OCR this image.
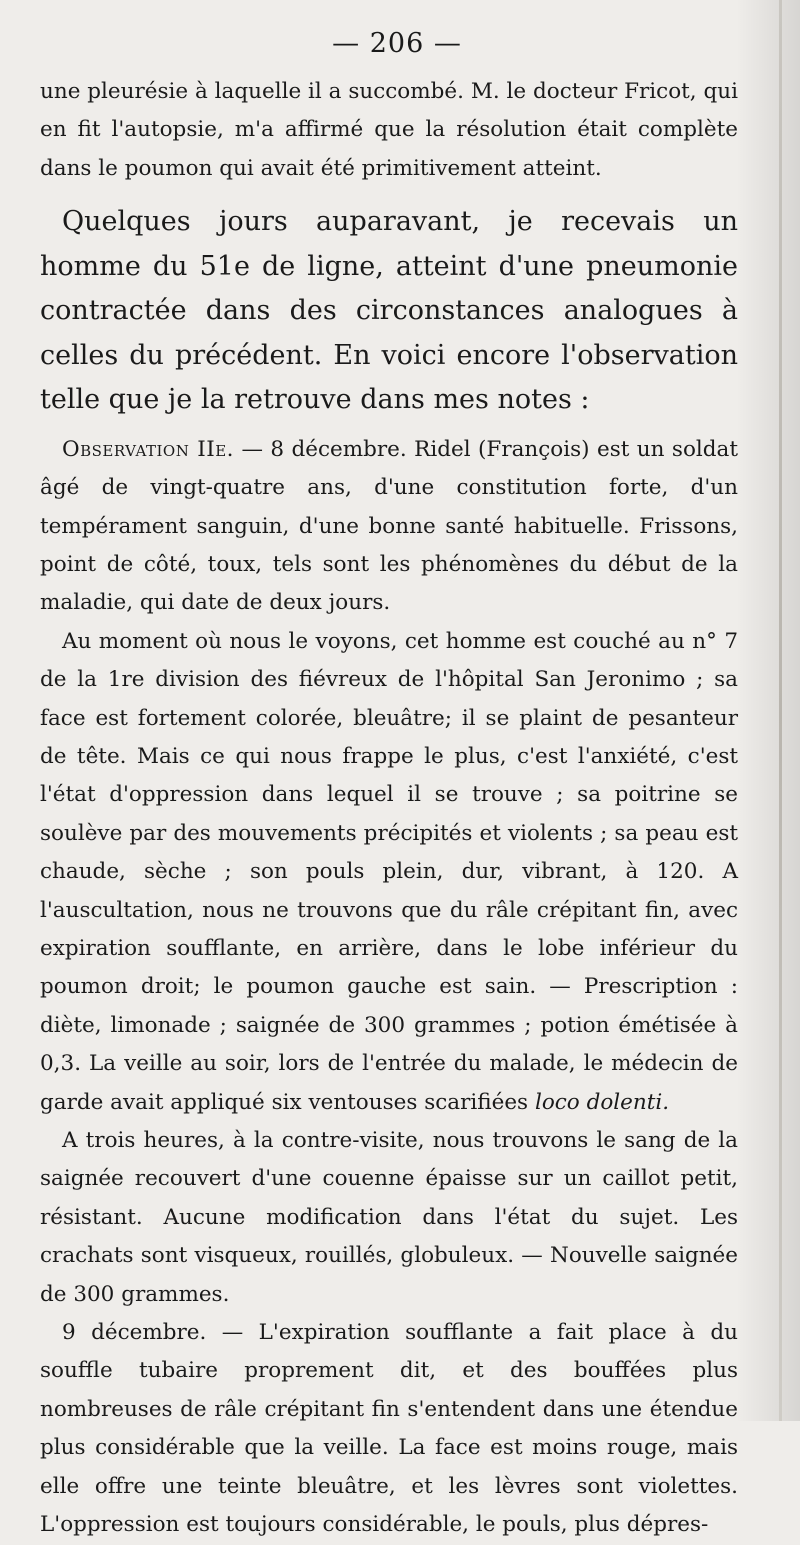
— 206 —

une pleurésie à laquelle il a succombé. M. le docteur Fricot, qui en fit l'autopsie, m'a affirmé que la résolution était complète dans le poumon qui avait été primitivement atteint.

Quelques jours auparavant, je recevais un homme du 51e de ligne, atteint d'une pneumonie contractée dans des circonstances analogues à celles du précédent. En voici encore l'observation telle que je la retrouve dans mes notes :

Observation IIe. — 8 décembre. Ridel (François) est un soldat âgé de vingt-quatre ans, d'une constitution forte, d'un tempérament sanguin, d'une bonne santé habituelle. Frissons, point de côté, toux, tels sont les phénomènes du début de la maladie, qui date de deux jours.

Au moment où nous le voyons, cet homme est couché au n° 7 de la 1re division des fiévreux de l'hôpital San Jeronimo ; sa face est fortement colorée, bleuâtre; il se plaint de pesanteur de tête. Mais ce qui nous frappe le plus, c'est l'anxiété, c'est l'état d'oppression dans lequel il se trouve ; sa poitrine se soulève par des mouvements précipités et violents ; sa peau est chaude, sèche ; son pouls plein, dur, vibrant, à 120. A l'auscultation, nous ne trouvons que du râle crépitant fin, avec expiration soufflante, en arrière, dans le lobe inférieur du poumon droit; le poumon gauche est sain. — Prescription : diète, limonade ; saignée de 300 grammes ; potion émétisée à 0,3. La veille au soir, lors de l'entrée du malade, le médecin de garde avait appliqué six ventouses scarifiées loco dolenti.

A trois heures, à la contre-visite, nous trouvons le sang de la saignée recouvert d'une couenne épaisse sur un caillot petit, résistant. Aucune modification dans l'état du sujet. Les crachats sont visqueux, rouillés, globuleux. — Nouvelle saignée de 300 grammes.

9 décembre. — L'expiration soufflante a fait place à du souffle tubaire proprement dit, et des bouffées plus nombreuses de râle crépitant fin s'entendent dans une étendue plus considérable que la veille. La face est moins rouge, mais elle offre une teinte bleuâtre, et les lèvres sont violettes. L'oppression est toujours considérable, le pouls, plus dépres-
